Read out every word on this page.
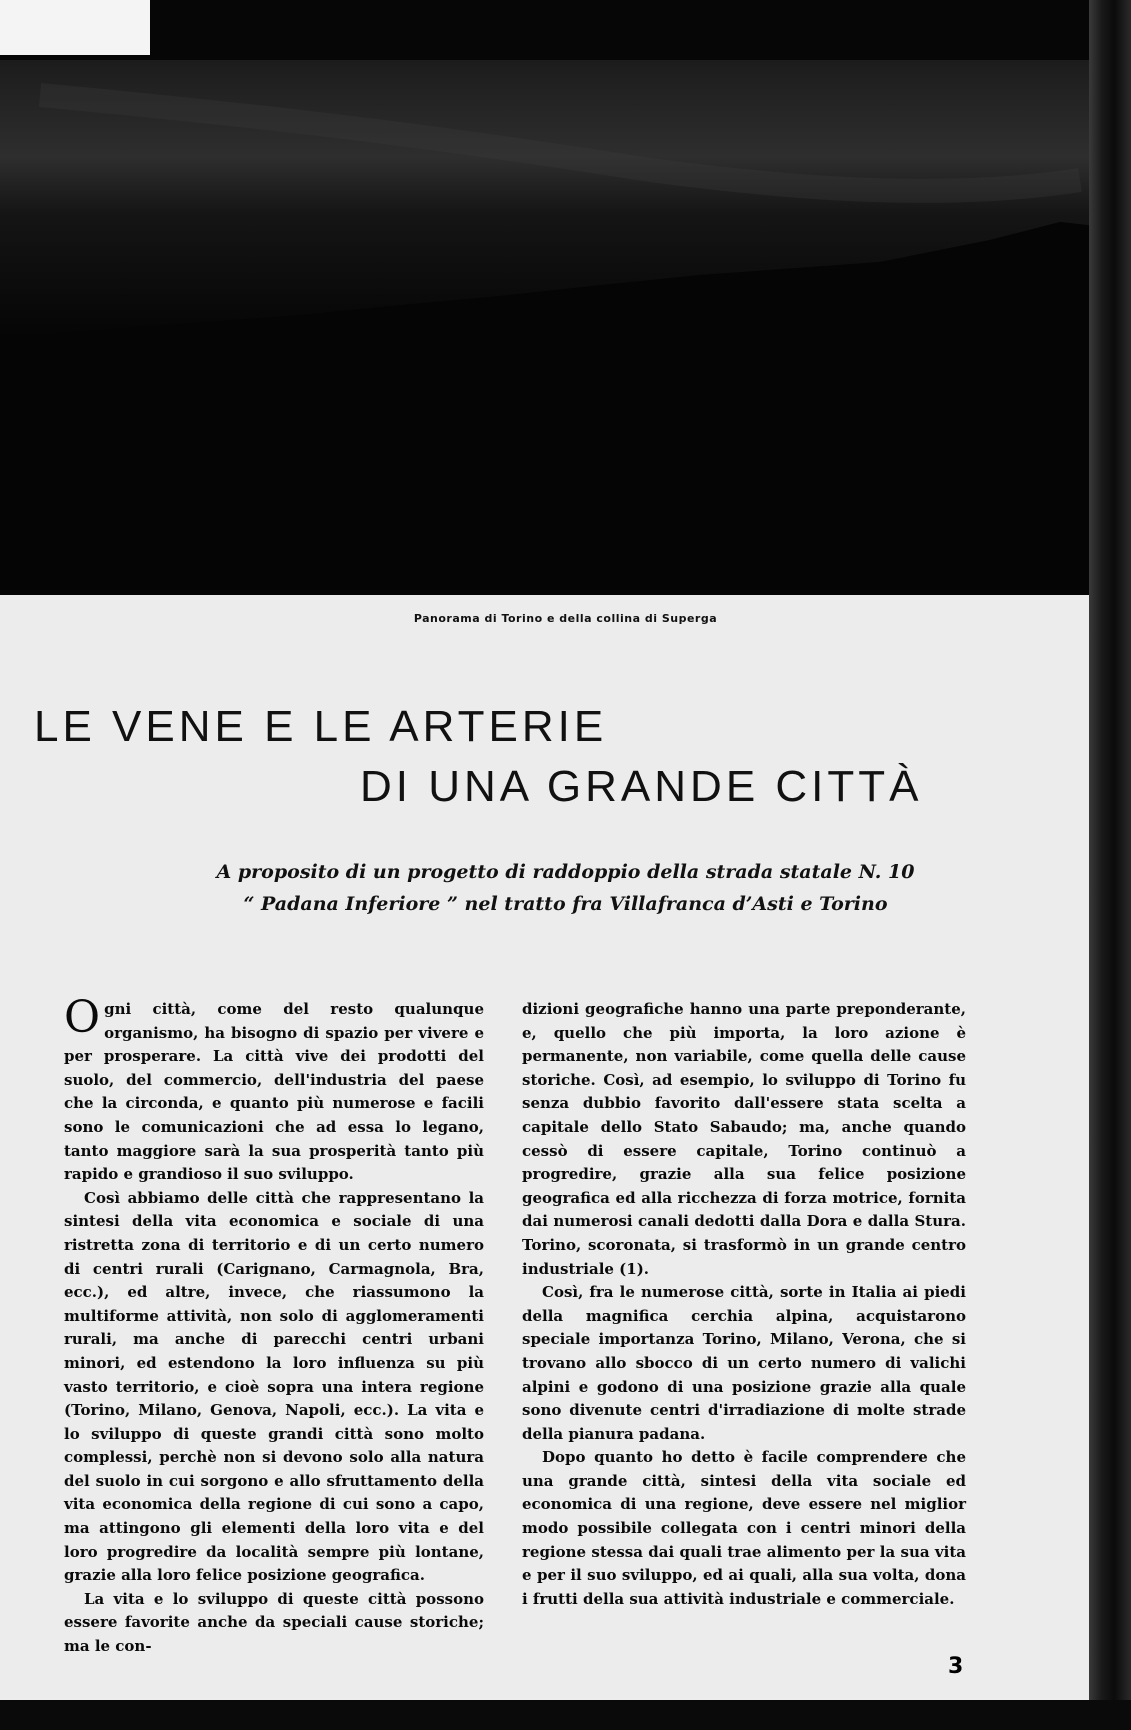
Panorama di Torino e della collina di Superga
LE VENE E LE ARTERIE
DI UNA GRANDE CITTÀ
A proposito di un progetto di raddoppio della strada statale N. 10
“ Padana Inferiore ” nel tratto fra Villafranca d’Asti e Torino

Ogni città, come del resto qualunque organismo, ha bisogno di spazio per vivere e per prosperare. La città vive dei prodotti del suolo, del commercio, dell'industria del paese che la circonda, e quanto più numerose e facili sono le comunicazioni che ad essa lo legano, tanto maggiore sarà la sua prosperità tanto più rapido e grandioso il suo sviluppo.

Così abbiamo delle città che rappresentano la sintesi della vita economica e sociale di una ristretta zona di territorio e di un certo numero di centri rurali (Carignano, Carmagnola, Bra, ecc.), ed altre, invece, che riassumono la multiforme attività, non solo di agglomeramenti rurali, ma anche di parecchi centri urbani minori, ed estendono la loro influenza su più vasto territorio, e cioè sopra una intera regione (Torino, Milano, Genova, Napoli, ecc.). La vita e lo sviluppo di queste grandi città sono molto complessi, perchè non si devono solo alla natura del suolo in cui sorgono e allo sfruttamento della vita economica della regione di cui sono a capo, ma attingono gli elementi della loro vita e del loro progredire da località sempre più lontane, grazie alla loro felice posizione geografica.

La vita e lo sviluppo di queste città possono essere favorite anche da speciali cause storiche; ma le con-

dizioni geografiche hanno una parte preponderante, e, quello che più importa, la loro azione è permanente, non variabile, come quella delle cause storiche. Così, ad esempio, lo sviluppo di Torino fu senza dubbio favorito dall'essere stata scelta a capitale dello Stato Sabaudo; ma, anche quando cessò di essere capitale, Torino continuò a progredire, grazie alla sua felice posizione geografica ed alla ricchezza di forza motrice, fornita dai numerosi canali dedotti dalla Dora e dalla Stura. Torino, scoronata, si trasformò in un grande centro industriale (1).

Così, fra le numerose città, sorte in Italia ai piedi della magnifica cerchia alpina, acquistarono speciale importanza Torino, Milano, Verona, che si trovano allo sbocco di un certo numero di valichi alpini e godono di una posizione grazie alla quale sono divenute centri d'irradiazione di molte strade della pianura padana.

Dopo quanto ho detto è facile comprendere che una grande città, sintesi della vita sociale ed economica di una regione, deve essere nel miglior modo possibile collegata con i centri minori della regione stessa dai quali trae alimento per la sua vita e per il suo sviluppo, ed ai quali, alla sua volta, dona i frutti della sua attività industriale e commerciale.

3
